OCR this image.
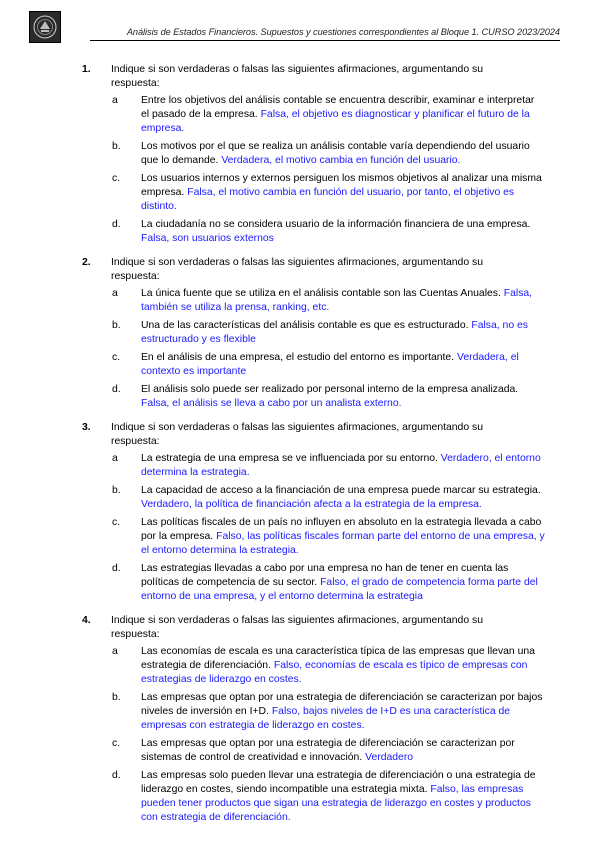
Análisis de Estados Financieros. Supuestos y cuestiones correspondientes al Bloque 1. CURSO 2023/2024
1. Indique si son verdaderas o falsas las siguientes afirmaciones, argumentando su respuesta:
a Entre los objetivos del análisis contable se encuentra describir, examinar e interpretar el pasado de la empresa. Falsa, el objetivo es diagnosticar y planificar el futuro de la empresa.
b. Los motivos por el que se realiza un análisis contable varía dependiendo del usuario que lo demande. Verdadera, el motivo cambia en función del usuario.
c. Los usuarios internos y externos persiguen los mismos objetivos al analizar una misma empresa. Falsa, el motivo cambia en función del usuario, por tanto, el objetivo es distinto.
d. La ciudadanía no se considera usuario de la información financiera de una empresa. Falsa, son usuarios externos
2. Indique si son verdaderas o falsas las siguientes afirmaciones, argumentando su respuesta:
a La única fuente que se utiliza en el análisis contable son las Cuentas Anuales. Falsa, también se utiliza la prensa, ranking, etc.
b. Una de las características del análisis contable es que es estructurado. Falsa, no es estructurado y es flexible
c. En el análisis de una empresa, el estudio del entorno es importante. Verdadera, el contexto es importante
d. El análisis solo puede ser realizado por personal interno de la empresa analizada. Falsa, el análisis se lleva a cabo por un analista externo.
3. Indique si son verdaderas o falsas las siguientes afirmaciones, argumentando su respuesta:
a La estrategia de una empresa se ve influenciada por su entorno. Verdadero, el entorno determina la estrategia.
b. La capacidad de acceso a la financiación de una empresa puede marcar su estrategia. Verdadero, la política de financiación afecta a la estrategia de la empresa.
c. Las políticas fiscales de un país no influyen en absoluto en la estrategia llevada a cabo por la empresa. Falso, las políticas fiscales forman parte del entorno de una empresa, y el entorno determina la estrategia.
d. Las estrategias llevadas a cabo por una empresa no han de tener en cuenta las políticas de competencia de su sector. Falso, el grado de competencia forma parte del entorno de una empresa, y el entorno determina la estrategia
4. Indique si son verdaderas o falsas las siguientes afirmaciones, argumentando su respuesta:
a Las economías de escala es una característica típica de las empresas que llevan una estrategia de diferenciación. Falso, economías de escala es típico de empresas con estrategias de liderazgo en costes.
b. Las empresas que optan por una estrategia de diferenciación se caracterizan por bajos niveles de inversión en I+D. Falso, bajos niveles de I+D es una característica de empresas con estrategia de liderazgo en costes.
c. Las empresas que optan por una estrategia de diferenciación se caracterizan por sistemas de control de creatividad e innovación. Verdadero
d. Las empresas solo pueden llevar una estrategia de diferenciación o una estrategia de liderazgo en costes, siendo incompatible una estrategia mixta. Falso, las empresas pueden tener productos que sigan una estrategia de liderazgo en costes y productos con estrategia de diferenciación.
